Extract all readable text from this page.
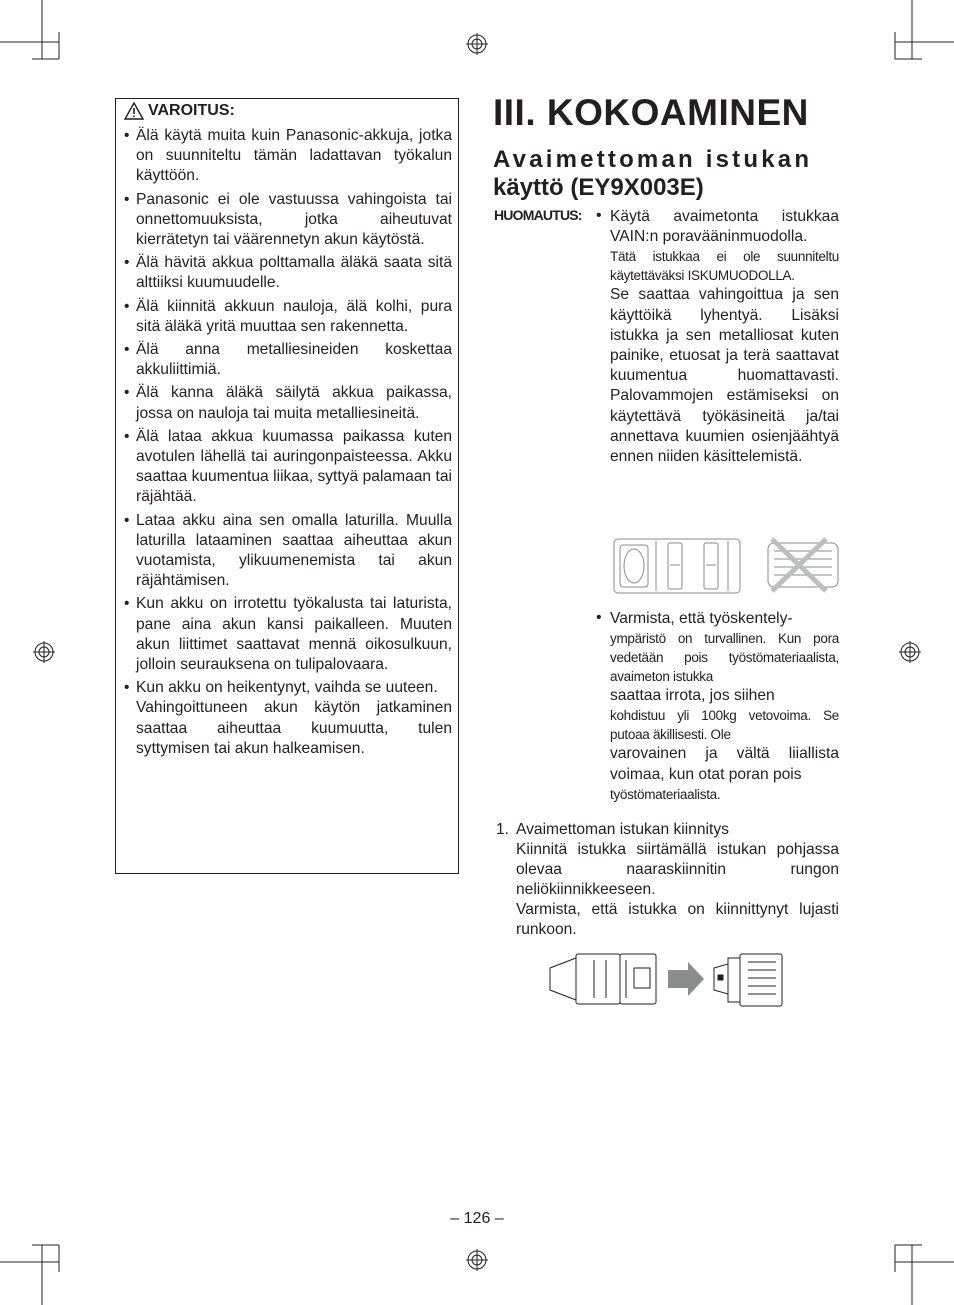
VAROITUS:
• Älä käytä muita kuin Panasonic-akkuja, jotka on suunniteltu tämän ladattavan työkalun käyttöön.
• Panasonic ei ole vastuussa vahingoista tai onnettomuuksista, jotka aiheutuvat kierrätetyn tai väärennetyn akun käytöstä.
• Älä hävitä akkua polttamalla äläkä saata sitä alttiiksi kuumuudelle.
• Älä kiinnitä akkuun nauloja, älä kolhi, pura sitä äläkä yritä muuttaa sen rakennetta.
• Älä anna metalliesineiden koskettaa akkuliittimiä.
• Älä kanna äläkä säilytä akkua paikassa, jossa on nauloja tai muita metalliesineitä.
• Älä lataa akkua kuumassa paikassa kuten avotulen lähellä tai auringonpaisteessa. Akku saattaa kuumentua liikaa, syttyä palamaan tai räjähtää.
• Lataa akku aina sen omalla laturilla. Muulla laturilla lataaminen saattaa aiheuttaa akun vuotamista, ylikuumenemista tai akun räjähtämisen.
• Kun akku on irrotettu työkalusta tai laturista, pane aina akun kansi paikalleen. Muuten akun liittimet saattavat mennä oikosulkuun, jolloin seurauksena on tulipalovaara.
• Kun akku on heikentynyt, vaihda se uuteen.
Vahingoittuneen akun käytön jatkaminen saattaa aiheuttaa kuumuutta, tulen syttymisen tai akun halkeamisen.
III. KOKOAMINEN
Avaimettoman istukan
käyttö (EY9X003E)
HUOMAUTUS: • Käytä avaimetonta istukkaa VAIN:n poravääninmuodolla.
Tätä istukkaa ei ole suunniteltu käytettäväksi ISKUMUODOLLA.
Se saattaa vahingoittua ja sen käyttöikä lyhentyä. Lisäksi istukka ja sen metalliosat kuten painike, etuosat ja terä saattavat kuumentua huomattavasti. Palovammojen estämiseksi on käytettävä työkäsineitä ja/tai annettava kuumien osienjäähtyä ennen niiden käsittelemistä.
• Varmista, että työskentely-
ympäristö on turvallinen. Kun pora vedetään pois työstömateriaalista, avaimeton istukka
saattaa irrota, jos siihen
kohdistuu yli 100kg vetovoima. Se putoaa äkillisesti. Ole
varovainen ja vältä liiallista voimaa, kun otat poran pois
työstömateriaalista.
1. Avaimettoman istukan kiinnitys
Kiinnitä istukka siirtämällä istukan pohjassa olevaa naaraskiinnitin rungon neliökiinnikkeeseen.
Varmista, että istukka on kiinnittynyt lujasti runkoon.
– 126 –
